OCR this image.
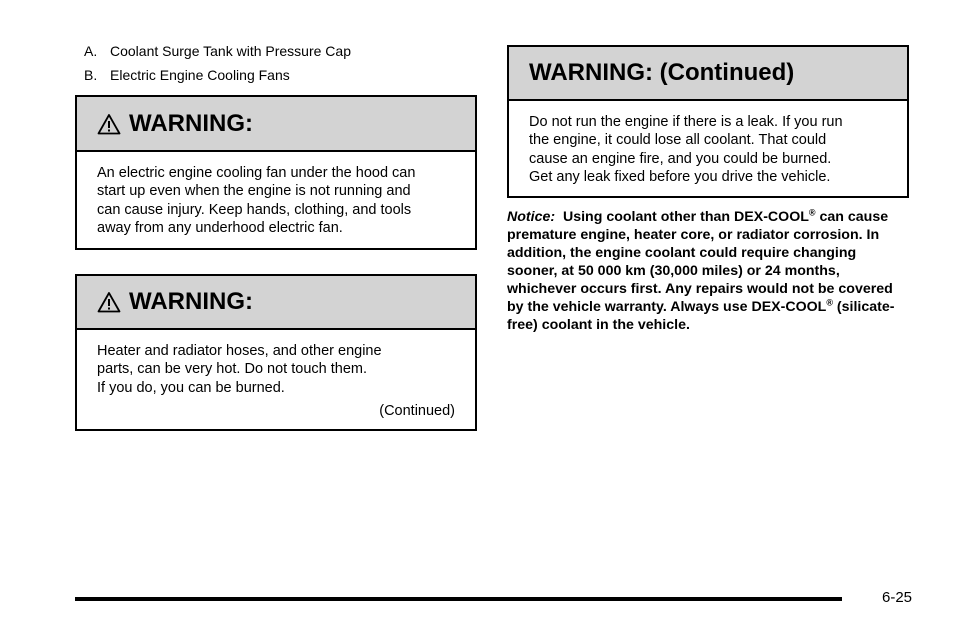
A. Coolant Surge Tank with Pressure Cap
B. Electric Engine Cooling Fans
WARNING:
An electric engine cooling fan under the hood can
start up even when the engine is not running and
can cause injury. Keep hands, clothing, and tools
away from any underhood electric fan.
WARNING:
Heater and radiator hoses, and other engine
parts, can be very hot. Do not touch them.
If you do, you can be burned.
(Continued)
WARNING: (Continued)
Do not run the engine if there is a leak. If you run
the engine, it could lose all coolant. That could
cause an engine fire, and you could be burned.
Get any leak fixed before you drive the vehicle.
Notice: Using coolant other than DEX-COOL® can cause premature engine, heater core, or radiator corrosion. In addition, the engine coolant could require changing sooner, at 50 000 km (30,000 miles) or 24 months, whichever occurs first. Any repairs would not be covered by the vehicle warranty. Always use DEX-COOL® (silicate-free) coolant in the vehicle.
6-25
